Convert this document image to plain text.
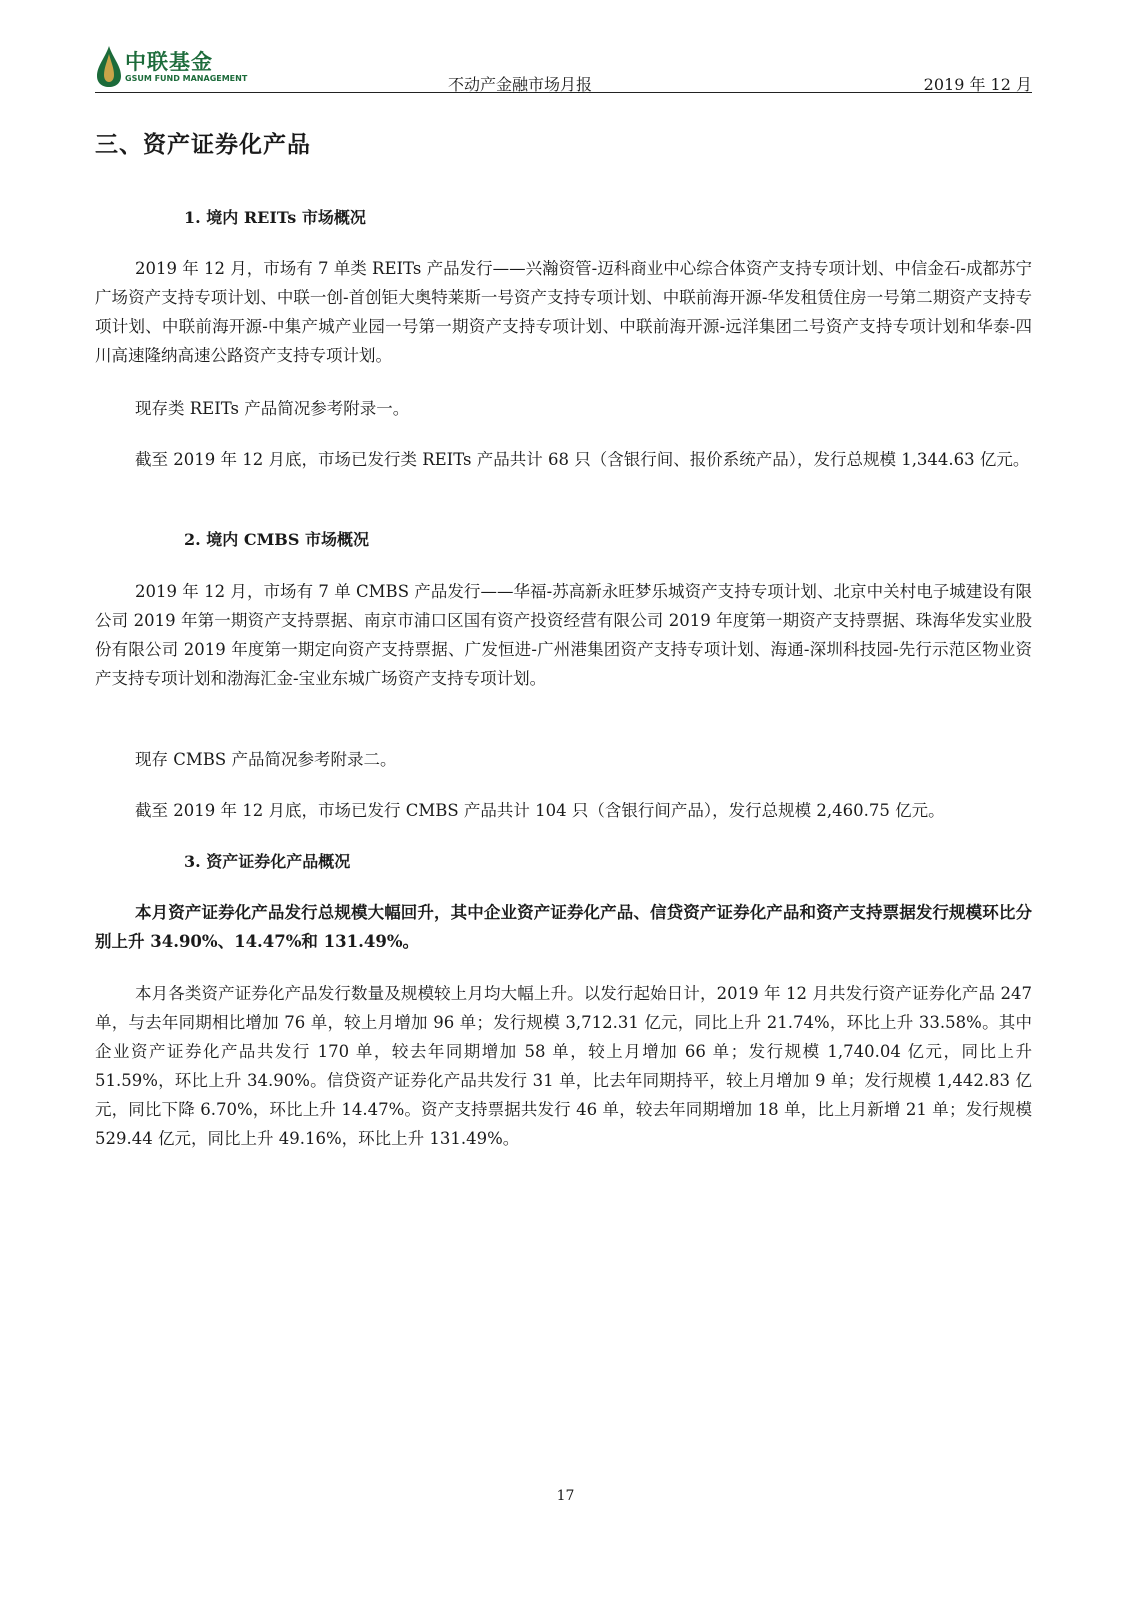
中联基金
GSUM FUND MANAGEMENT	不动产金融市场月报	2019 年 12 月
三、资产证券化产品
1. 境内 REITs 市场概况

2019 年 12 月，市场有 7 单类 REITs 产品发行——兴瀚资管-迈科商业中心综合体资产支持专项计划、中信金石-成都苏宁广场资产支持专项计划、中联一创-首创钜大奥特莱斯一号资产支持专项计划、中联前海开源-华发租赁住房一号第二期资产支持专项计划、中联前海开源-中集产城产业园一号第一期资产支持专项计划、中联前海开源-远洋集团二号资产支持专项计划和华泰-四川高速隆纳高速公路资产支持专项计划。

现存类 REITs 产品简况参考附录一。

截至 2019 年 12 月底，市场已发行类 REITs 产品共计 68 只（含银行间、报价系统产品），发行总规模 1,344.63 亿元。

2. 境内 CMBS 市场概况

2019 年 12 月，市场有 7 单 CMBS 产品发行——华福-苏高新永旺梦乐城资产支持专项计划、北京中关村电子城建设有限公司 2019 年第一期资产支持票据、南京市浦口区国有资产投资经营有限公司 2019 年度第一期资产支持票据、珠海华发实业股份有限公司 2019 年度第一期定向资产支持票据、广发恒进-广州港集团资产支持专项计划、海通-深圳科技园-先行示范区物业资产支持专项计划和渤海汇金-宝业东城广场资产支持专项计划。

现存 CMBS 产品简况参考附录二。

截至 2019 年 12 月底，市场已发行 CMBS 产品共计 104 只（含银行间产品），发行总规模 2,460.75 亿元。

3. 资产证券化产品概况

本月资产证券化产品发行总规模大幅回升，其中企业资产证券化产品、信贷资产证券化产品和资产支持票据发行规模环比分别上升 34.90%、14.47%和 131.49%。

本月各类资产证券化产品发行数量及规模较上月均大幅上升。以发行起始日计，2019 年 12 月共发行资产证券化产品 247 单，与去年同期相比增加 76 单，较上月增加 96 单；发行规模 3,712.31 亿元，同比上升 21.74%，环比上升 33.58%。其中企业资产证券化产品共发行 170 单，较去年同期增加 58 单，较上月增加 66 单；发行规模 1,740.04 亿元，同比上升 51.59%，环比上升 34.90%。信贷资产证券化产品共发行 31 单，比去年同期持平，较上月增加 9 单；发行规模 1,442.83 亿元，同比下降 6.70%，环比上升 14.47%。资产支持票据共发行 46 单，较去年同期增加 18 单，比上月新增 21 单；发行规模 529.44 亿元，同比上升 49.16%，环比上升 131.49%。

17
